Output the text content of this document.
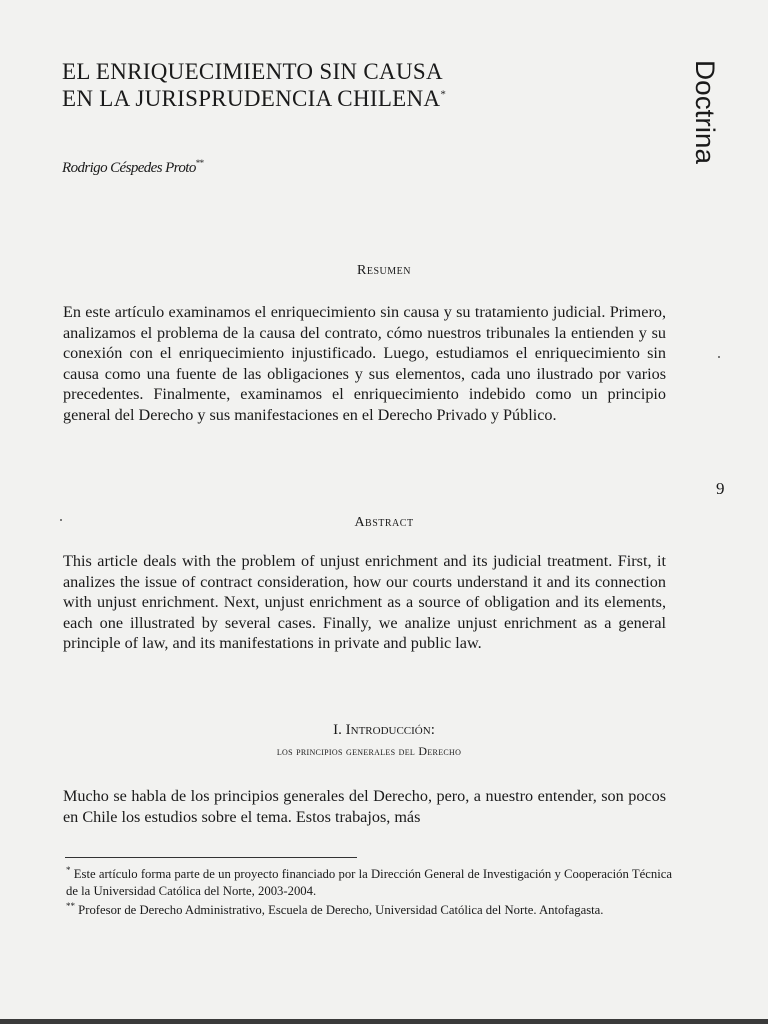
EL ENRIQUECIMIENTO SIN CAUSA
EN LA JURISPRUDENCIA CHILENA*
Rodrigo Céspedes Proto**
Doctrina
Resumen

En este artículo examinamos el enriquecimiento sin causa y su tratamiento judicial. Primero, analizamos el problema de la causa del contrato, cómo nuestros tribunales la entienden y su conexión con el enriquecimiento injustificado. Luego, estudiamos el enriquecimiento sin causa como una fuente de las obligaciones y sus elementos, cada uno ilustrado por varios precedentes. Finalmente, examinamos el enriquecimiento indebido como un principio general del Derecho y sus manifestaciones en el Derecho Privado y Público.

9
Abstract

This article deals with the problem of unjust enrichment and its judicial treatment. First, it analizes the issue of contract consideration, how our courts understand it and its connection with unjust enrichment. Next, unjust enrichment as a source of obligation and its elements, each one illustrated by several cases. Finally, we analize unjust enrichment as a general principle of law, and its manifestations in private and public law.

I. Introducción:
los principios generales del Derecho

Mucho se habla de los principios generales del Derecho, pero, a nuestro entender, son pocos en Chile los estudios sobre el tema. Estos trabajos, más

* Este artículo forma parte de un proyecto financiado por la Dirección General de Investigación y Cooperación Técnica de la Universidad Católica del Norte, 2003-2004.

** Profesor de Derecho Administrativo, Escuela de Derecho, Universidad Católica del Norte. Antofagasta.
